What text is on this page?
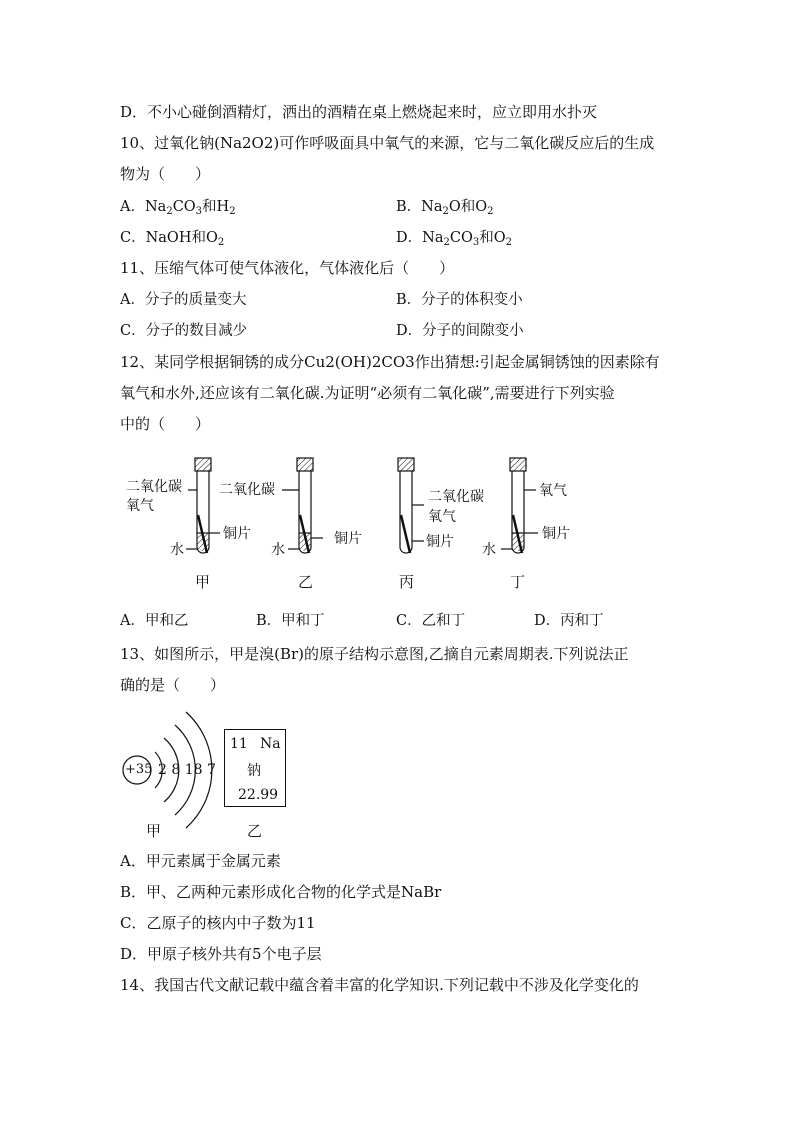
D．不小心碰倒酒精灯，洒出的酒精在桌上燃烧起来时，应立即用水扑灭
10、过氧化钠(Na2O2)可作呼吸面具中氧气的来源，它与二氧化碳反应后的生成
物为（　　）
A．$Na_2CO_3$和$H_2$	B．$Na_2O$和$O_2$
C．NaOH和$O_2$	D．$Na_2CO_3$和$O_2$
11、压缩气体可使气体液化，气体液化后（　　）
A．分子的质量变大	B．分子的体积变小
C．分子的数目减少	D．分子的间隙变小
12、某同学根据铜锈的成分Cu2(OH)2CO3作出猜想:引起金属铜锈蚀的因素除有
氧气和水外,还应该有二氧化碳.为证明“必须有二氧化碳”,需要进行下列实验
中的（　　）
二氧化碳
氧气
铜片
水
甲
二氧化碳
铜片
水
乙
二氧化碳
氧气
铜片
丙
氧气
铜片
水
丁
A．甲和乙	B．甲和丁	C．乙和丁	D．丙和丁
13、如图所示，甲是溴(Br)的原子结构示意图,乙摘自元素周期表.下列说法正
确的是（　　）
+35 2 8 18 7
甲
11 Na
钠
22.99
乙
A．甲元素属于金属元素
B．甲、乙两种元素形成化合物的化学式是NaBr
C．乙原子的核内中子数为11
D．甲原子核外共有5个电子层
14、我国古代文献记载中蕴含着丰富的化学知识.下列记载中不涉及化学变化的
